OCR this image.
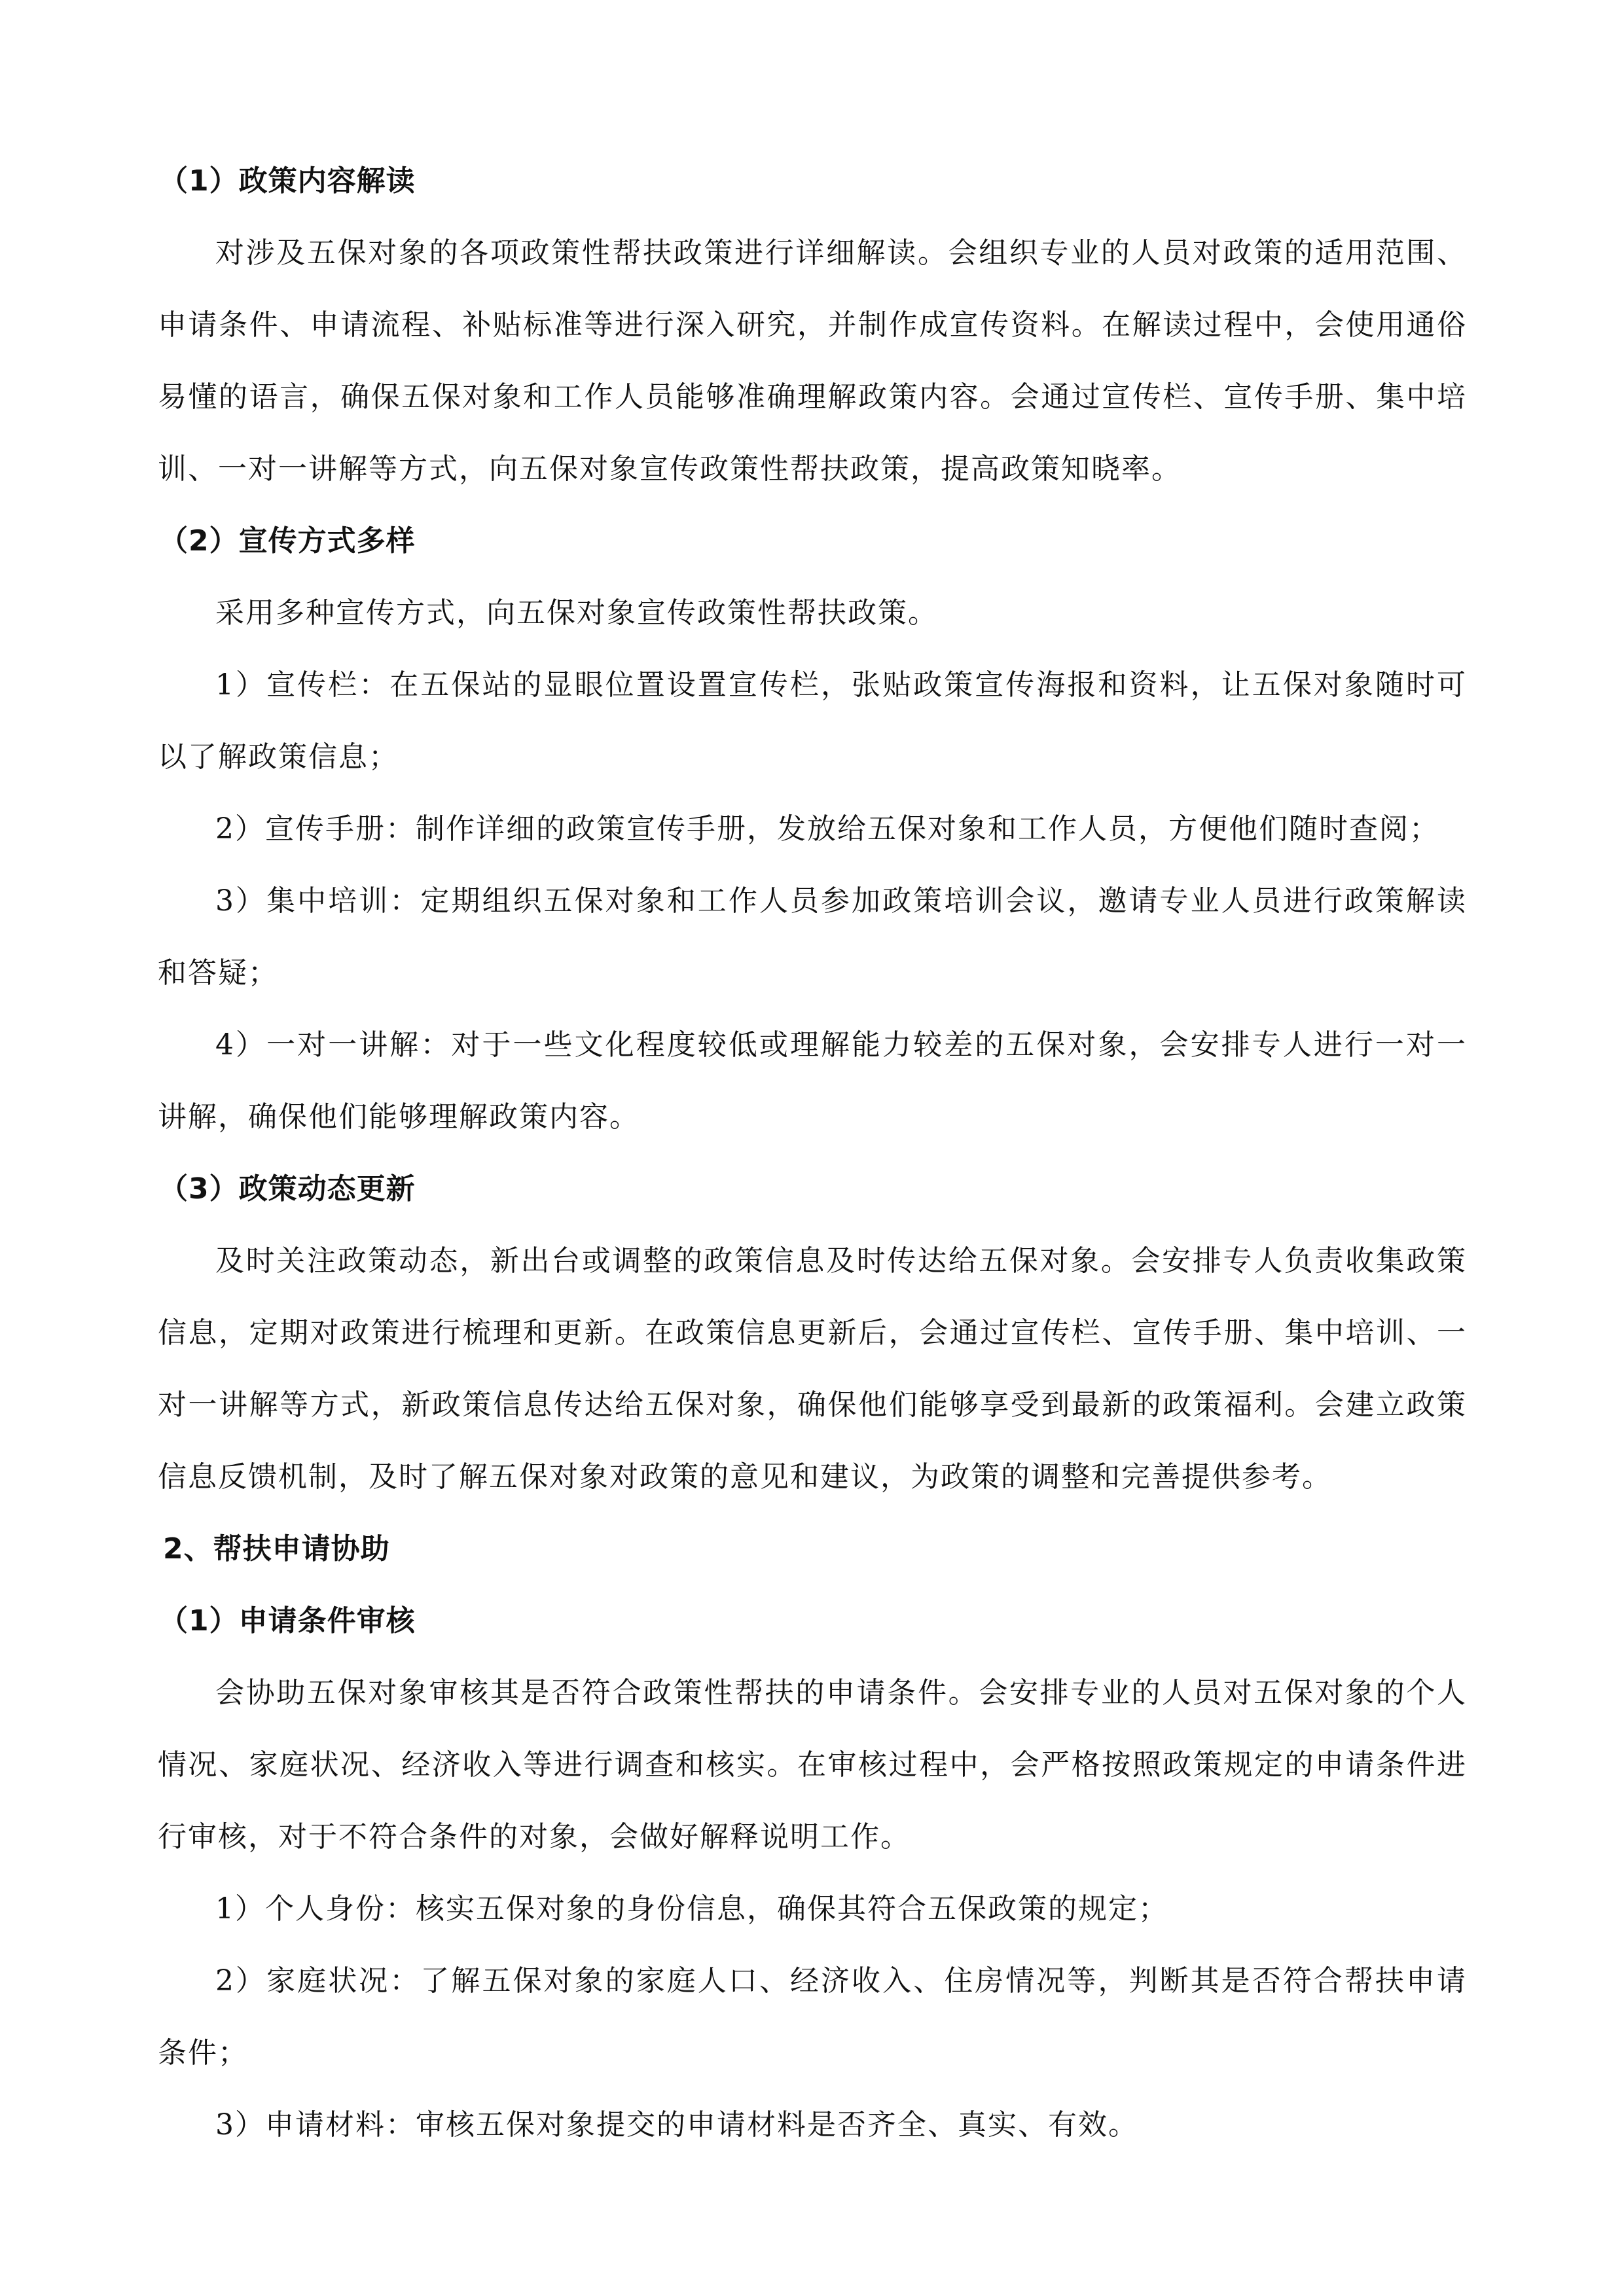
（1）政策内容解读

对涉及五保对象的各项政策性帮扶政策进行详细解读。会组织专业的人员对政策的适用范围、申请条件、申请流程、补贴标准等进行深入研究，并制作成宣传资料。在解读过程中，会使用通俗易懂的语言，确保五保对象和工作人员能够准确理解政策内容。会通过宣传栏、宣传手册、集中培训、一对一讲解等方式，向五保对象宣传政策性帮扶政策，提高政策知晓率。

（2）宣传方式多样

采用多种宣传方式，向五保对象宣传政策性帮扶政策。

1）宣传栏：在五保站的显眼位置设置宣传栏，张贴政策宣传海报和资料，让五保对象随时可以了解政策信息；

2）宣传手册：制作详细的政策宣传手册，发放给五保对象和工作人员，方便他们随时查阅；

3）集中培训：定期组织五保对象和工作人员参加政策培训会议，邀请专业人员进行政策解读和答疑；

4）一对一讲解：对于一些文化程度较低或理解能力较差的五保对象，会安排专人进行一对一讲解，确保他们能够理解政策内容。

（3）政策动态更新

及时关注政策动态，新出台或调整的政策信息及时传达给五保对象。会安排专人负责收集政策信息，定期对政策进行梳理和更新。在政策信息更新后，会通过宣传栏、宣传手册、集中培训、一对一讲解等方式，新政策信息传达给五保对象，确保他们能够享受到最新的政策福利。会建立政策信息反馈机制，及时了解五保对象对政策的意见和建议，为政策的调整和完善提供参考。

2、帮扶申请协助
（1）申请条件审核

会协助五保对象审核其是否符合政策性帮扶的申请条件。会安排专业的人员对五保对象的个人情况、家庭状况、经济收入等进行调查和核实。在审核过程中，会严格按照政策规定的申请条件进行审核，对于不符合条件的对象，会做好解释说明工作。

1）个人身份：核实五保对象的身份信息，确保其符合五保政策的规定；

2）家庭状况：了解五保对象的家庭人口、经济收入、住房情况等，判断其是否符合帮扶申请条件；

3）申请材料：审核五保对象提交的申请材料是否齐全、真实、有效。
